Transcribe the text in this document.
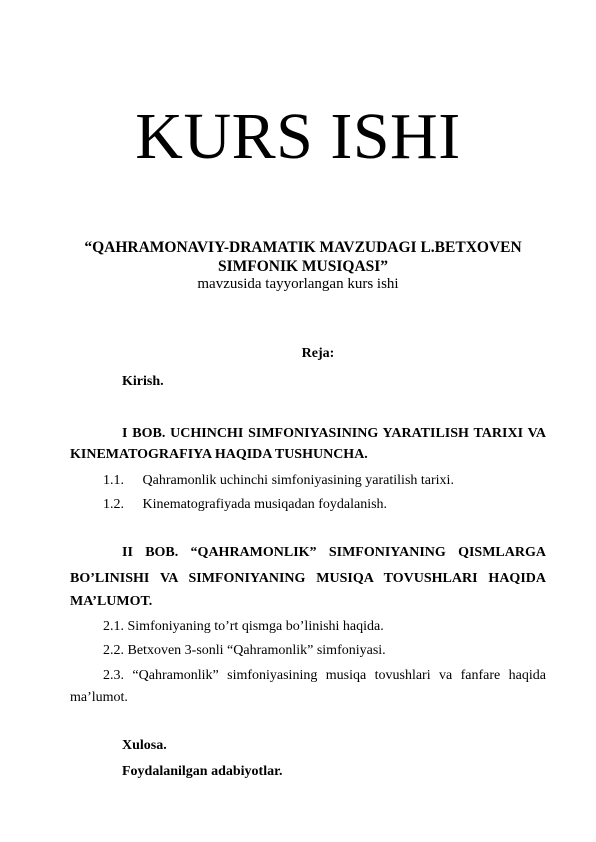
KURS ISHI

“QAHRAMONAVIY-DRAMATIK MAVZUDAGI L.BETXOVEN SIMFONIK MUSIQASI”

mavzusida tayyorlangan kurs ishi
Reja:
Kirish.
I BOB. UCHINCHI SIMFONIYASINING YARATILISH TARIXI VA
KINEMATOGRAFIYA HAQIDA TUSHUNCHA.
1.1. Qahramonlik uchinchi simfoniyasining yaratilish tarixi.
1.2. Kinematografiyada musiqadan foydalanish.
II BOB. “QAHRAMONLIK” SIMFONIYANING QISMLARGA
BO’LINISHI VA SIMFONIYANING MUSIQA TOVUSHLARI HAQIDA
MA’LUMOT.
2.1. Simfoniyaning to’rt qismga bo’linishi haqida.
2.2. Betxoven 3-sonli “Qahramonlik” simfoniyasi.
2.3. “Qahramonlik” simfoniyasining musiqa tovushlari va fanfare haqida
ma’lumot.
Xulosa.
Foydalanilgan adabiyotlar.
